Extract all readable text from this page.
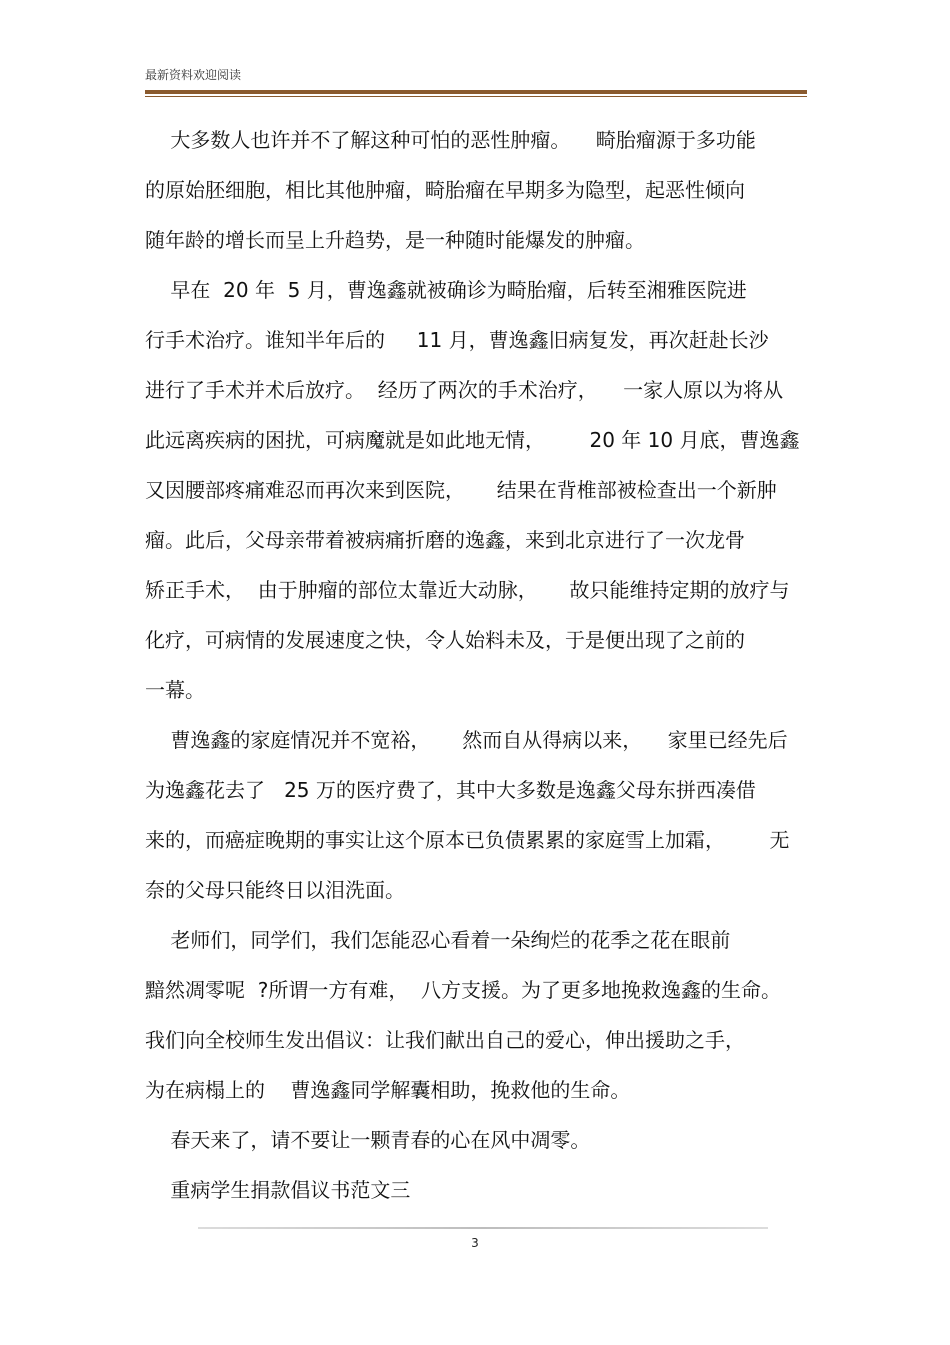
最新资料欢迎阅读
大多数人也许并不了解这种可怕的恶性肿瘤。    畸胎瘤源于多功能
的原始胚细胞，相比其他肿瘤，畸胎瘤在早期多为隐型，起恶性倾向
随年龄的增长而呈上升趋势，是一种随时能爆发的肿瘤。
早在  20 年  5 月，曹逸鑫就被确诊为畸胎瘤，后转至湘雅医院进
行手术治疗。谁知半年后的     11 月，曹逸鑫旧病复发，再次赶赴长沙
进行了手术并术后放疗。  经历了两次的手术治疗，    一家人原以为将从
此远离疾病的困扰，可病魔就是如此地无情，       20 年 10 月底，曹逸鑫
又因腰部疼痛难忍而再次来到医院，     结果在背椎部被检查出一个新肿
瘤。此后，父母亲带着被病痛折磨的逸鑫，来到北京进行了一次龙骨
矫正手术，  由于肿瘤的部位太靠近大动脉，     故只能维持定期的放疗与
化疗，可病情的发展速度之快，令人始料未及，于是便出现了之前的
一幕。
曹逸鑫的家庭情况并不宽裕，     然而自从得病以来，    家里已经先后
为逸鑫花去了   25 万的医疗费了，其中大多数是逸鑫父母东拼西凑借
来的，而癌症晚期的事实让这个原本已负债累累的家庭雪上加霜，       无
奈的父母只能终日以泪洗面。
老师们，同学们，我们怎能忍心看着一朵绚烂的花季之花在眼前
黯然凋零呢  ?所谓一方有难，  八方支援。为了更多地挽救逸鑫的生命。
我们向全校师生发出倡议：让我们献出自己的爱心，伸出援助之手，
为在病榻上的    曹逸鑫同学解囊相助，挽救他的生命。
春天来了，请不要让一颗青春的心在风中凋零。
重病学生捐款倡议书范文三
3
